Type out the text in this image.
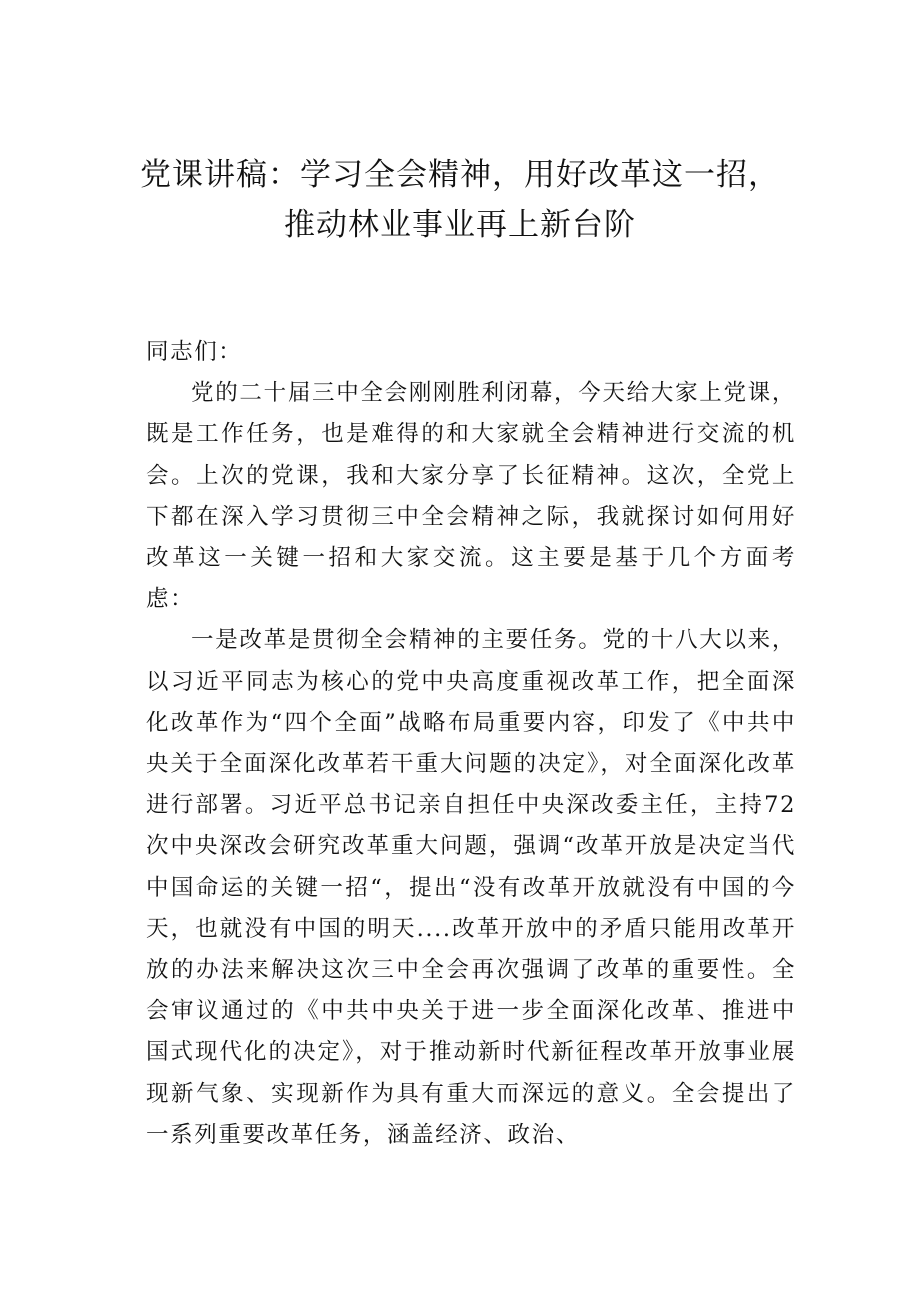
党课讲稿：学习全会精神，用好改革这一招，
推动林业事业再上新台阶

同志们：

党的二十届三中全会刚刚胜利闭幕，今天给大家上党课，既是工作任务，也是难得的和大家就全会精神进行交流的机会。上次的党课，我和大家分享了长征精神。这次，全党上下都在深入学习贯彻三中全会精神之际，我就探讨如何用好改革这一关键一招和大家交流。这主要是基于几个方面考虑：

一是改革是贯彻全会精神的主要任务。党的十八大以来，以习近平同志为核心的党中央高度重视改革工作，把全面深化改革作为“四个全面”战略布局重要内容，印发了《中共中央关于全面深化改革若干重大问题的决定》，对全面深化改革进行部署。习近平总书记亲自担任中央深改委主任，主持72次中央深改会研究改革重大问题，强调“改革开放是决定当代中国命运的关键一招“，提出“没有改革开放就没有中国的今天，也就没有中国的明天....改革开放中的矛盾只能用改革开放的办法来解决这次三中全会再次强调了改革的重要性。全会审议通过的《中共中央关于进一步全面深化改革、推进中国式现代化的决定》，对于推动新时代新征程改革开放事业展现新气象、实现新作为具有重大而深远的意义。全会提出了一系列重要改革任务，涵盖经济、政治、
